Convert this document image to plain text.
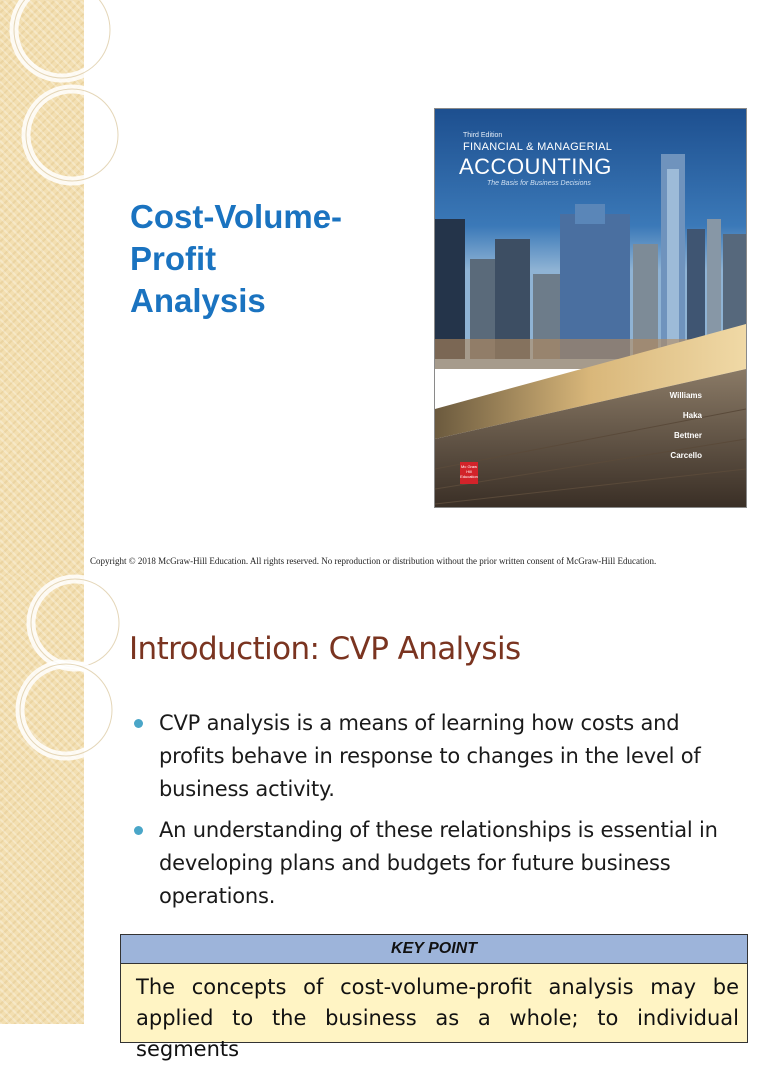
Cost-Volume-
Profit
Analysis
Third Edition
FINANCIAL & MANAGERIAL
ACCOUNTING
The Basis for Business Decisions
Williams
Haka
Bettner
Carcello
Mc Graw Hill Education
Copyright © 2018 McGraw-Hill Education. All rights reserved. No reproduction or distribution without the prior written consent of McGraw-Hill Education.
Introduction: CVP Analysis
CVP analysis is a means of learning how costs and profits behave in response to changes in the level of business activity.
An understanding of these relationships is essential in developing plans and budgets for future business operations.
KEY POINT
The concepts of cost-volume-profit analysis may be applied to the business as a whole; to individual segments
